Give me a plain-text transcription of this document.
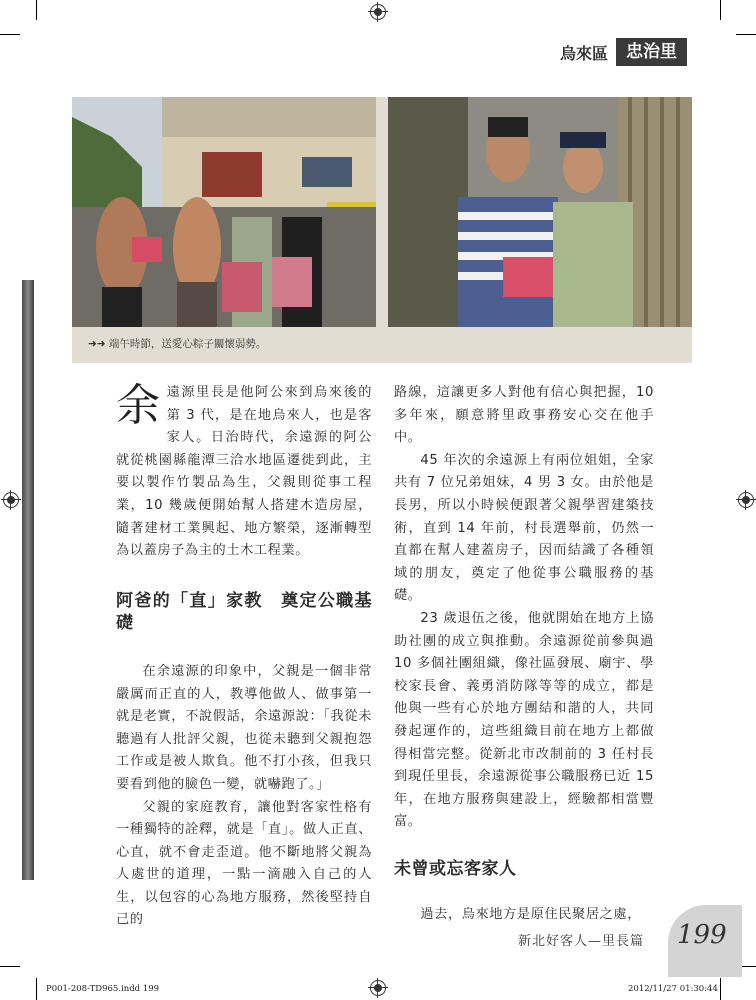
烏來區	忠治里
➜➜ 端午時節，送愛心粽子關懷弱勢。

余遠源里長是他阿公來到烏來後的第 3 代，是在地烏來人，也是客家人。日治時代，余遠源的阿公就從桃園縣龍潭三洽水地區遷徙到此，主要以製作竹製品為生，父親則從事工程業，10 幾歲便開始幫人搭建木造房屋，隨著建材工業興起、地方繁榮，逐漸轉型為以蓋房子為主的土木工程業。

阿爸的「直」家教　奠定公職基礎

在余遠源的印象中，父親是一個非常嚴厲而正直的人，教導他做人、做事第一就是老實，不說假話，余遠源說：「我從未聽過有人批評父親，也從未聽到父親抱怨工作或是被人欺負。他不打小孩，但我只要看到他的臉色一變，就嚇跑了。」

父親的家庭教育，讓他對客家性格有一種獨特的詮釋，就是「直」。做人正直、心直，就不會走歪道。他不斷地將父親為人處世的道理，一點一滴融入自己的人生，以包容的心為地方服務，然後堅持自己的

路線，這讓更多人對他有信心與把握，10 多年來，願意將里政事務安心交在他手中。

45 年次的余遠源上有兩位姐姐，全家共有 7 位兄弟姐妹，4 男 3 女。由於他是長男，所以小時候便跟著父親學習建築技術，直到 14 年前，村長選舉前，仍然一直都在幫人建蓋房子，因而結識了各種領域的朋友，奠定了他從事公職服務的基礎。

23 歲退伍之後，他就開始在地方上協助社團的成立與推動。余遠源從前參與過 10 多個社團組織，像社區發展、廟宇、學校家長會、義勇消防隊等等的成立，都是他與一些有心於地方團結和諧的人，共同發起運作的，這些組織目前在地方上都做得相當完整。從新北市改制前的 3 任村長到現任里長，余遠源從事公職服務已近 15 年，在地方服務與建設上，經驗都相當豐富。

未曾或忘客家人

過去，烏來地方是原住民聚居之處，

新北好客人—里長篇 199
P001-208-TD965.indd 199	2012/11/27 01:30:44
